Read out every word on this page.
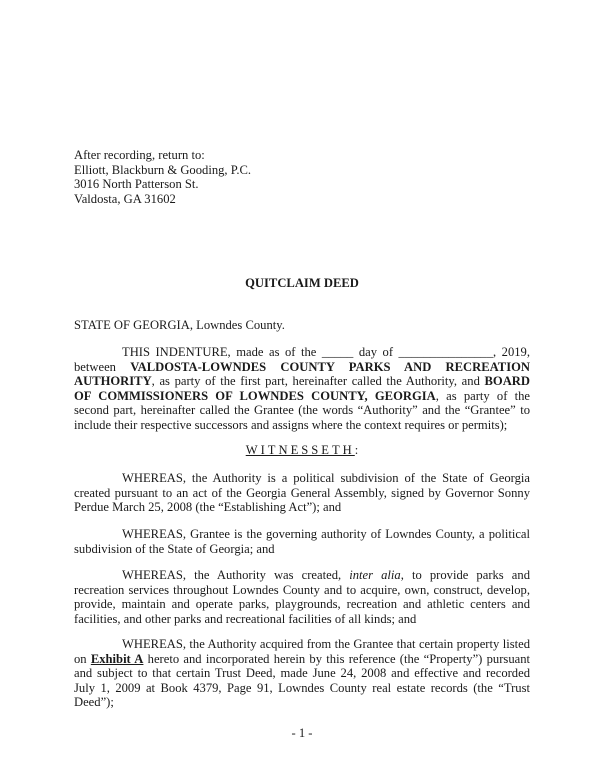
After recording, return to:
Elliott, Blackburn & Gooding, P.C.
3016 North Patterson St.
Valdosta, GA 31602
QUITCLAIM DEED
STATE OF GEORGIA, Lowndes County.
THIS INDENTURE, made as of the _____ day of _______________, 2019, between VALDOSTA-LOWNDES COUNTY PARKS AND RECREATION AUTHORITY, as party of the first part, hereinafter called the Authority, and BOARD OF COMMISSIONERS OF LOWNDES COUNTY, GEORGIA, as party of the second part, hereinafter called the Grantee (the words “Authority” and the “Grantee” to include their respective successors and assigns where the context requires or permits);
WITNESSETH:
WHEREAS, the Authority is a political subdivision of the State of Georgia created pursuant to an act of the Georgia General Assembly, signed by Governor Sonny Perdue March 25, 2008 (the “Establishing Act”); and
WHEREAS, Grantee is the governing authority of Lowndes County, a political subdivision of the State of Georgia; and
WHEREAS, the Authority was created, inter alia, to provide parks and recreation services throughout Lowndes County and to acquire, own, construct, develop, provide, maintain and operate parks, playgrounds, recreation and athletic centers and facilities, and other parks and recreational facilities of all kinds; and
WHEREAS, the Authority acquired from the Grantee that certain property listed on Exhibit A hereto and incorporated herein by this reference (the “Property”) pursuant and subject to that certain Trust Deed, made June 24, 2008 and effective and recorded July 1, 2009 at Book 4379, Page 91, Lowndes County real estate records (the “Trust Deed”);
- 1 -
